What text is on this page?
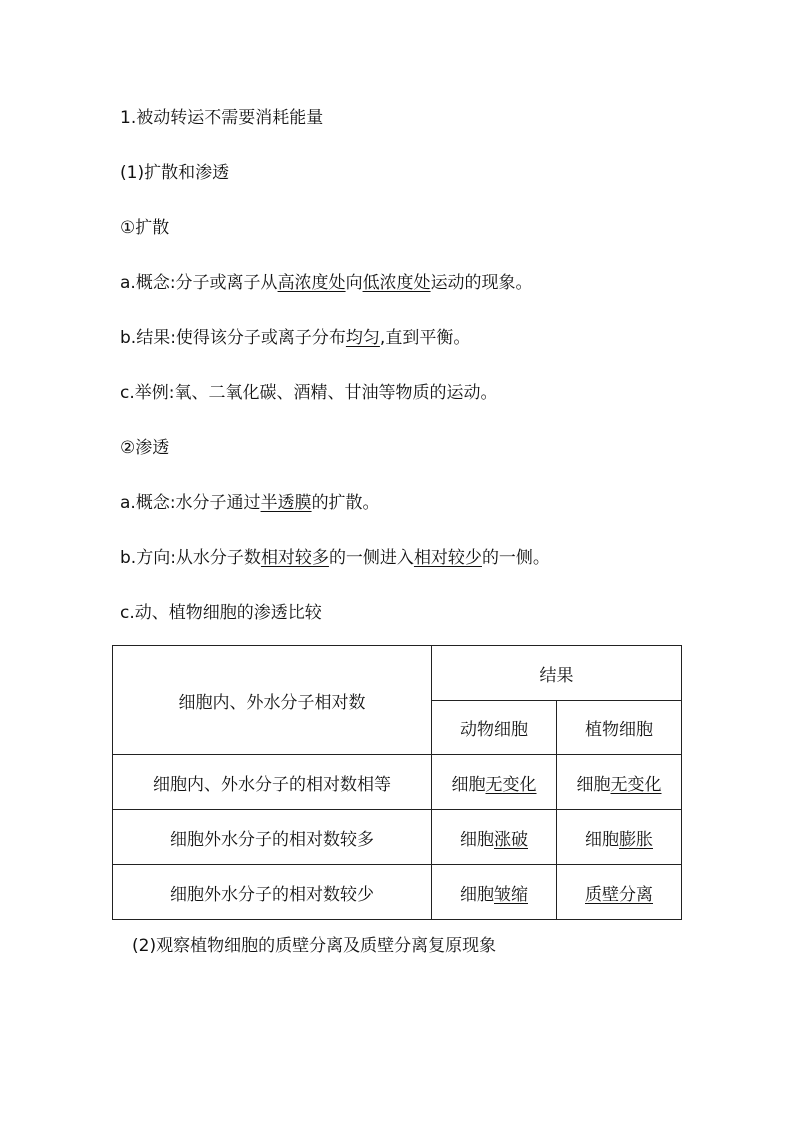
1.被动转运不需要消耗能量
(1)扩散和渗透
①扩散
a.概念:分子或离子从高浓度处向低浓度处运动的现象。
b.结果:使得该分子或离子分布均匀,直到平衡。
c.举例:氧、二氧化碳、酒精、甘油等物质的运动。
②渗透
a.概念:水分子通过半透膜的扩散。
b.方向:从水分子数相对较多的一侧进入相对较少的一侧。
c.动、植物细胞的渗透比较
细胞内、外水分子相对数	结果	
	动物细胞	植物细胞
细胞内、外水分子的相对数相等	细胞无变化	细胞无变化
细胞外水分子的相对数较多	细胞涨破	细胞膨胀
细胞外水分子的相对数较少	细胞皱缩	质壁分离
(2)观察植物细胞的质壁分离及质壁分离复原现象
